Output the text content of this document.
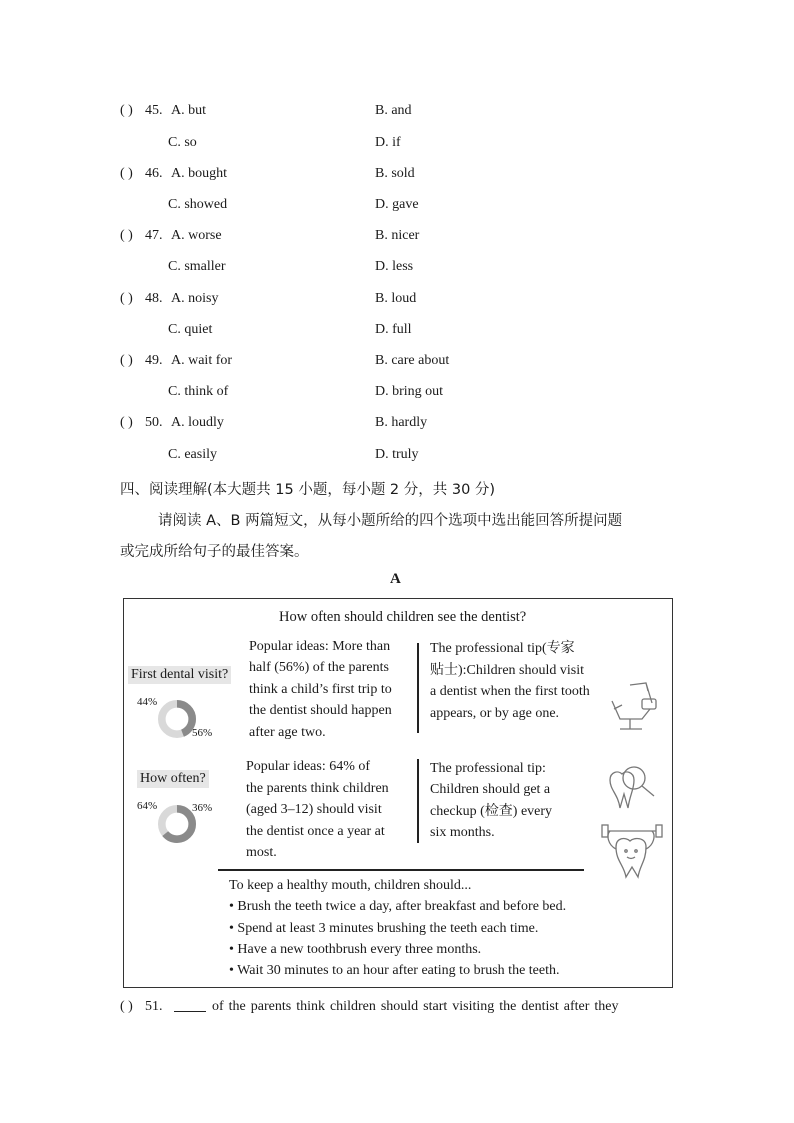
( ) 45. A. but	B. and
C. so	D. if
( ) 46. A. bought	B. sold
C. showed	D. gave
( ) 47. A. worse	B. nicer
C. smaller	D. less
( ) 48. A. noisy	B. loud
C. quiet	D. full
( ) 49. A. wait for	B. care about
C. think of	D. bring out
( ) 50. A. loudly	B. hardly
C. easily	D. truly
四、阅读理解(本大题共 15 小题，每小题 2 分，共 30 分)
请阅读 A、B 两篇短文，从每小题所给的四个选项中选出能回答所提问题
或完成所给句子的最佳答案。
A
How often should children see the dentist?
First dental visit?
44%
56%
Popular ideas: More than
half (56%) of the parents
think a child’s first trip to
the dentist should happen
after age two.
The professional tip(专家
贴士):Children should visit
a dentist when the first tooth
appears, or by age one.
How often?
64%	36%
Popular ideas: 64% of
the parents think children
(aged 3–12) should visit
the dentist once a year at
most.
The professional tip:
Children should get a
checkup (检查) every
six months.
To keep a healthy mouth, children should...
• Brush the teeth twice a day, after breakfast and before bed.
• Spend at least 3 minutes brushing the teeth each time.
• Have a new toothbrush every three months.
• Wait 30 minutes to an hour after eating to brush the teeth.
( ) 51.	of the parents think children should start visiting the dentist after they
